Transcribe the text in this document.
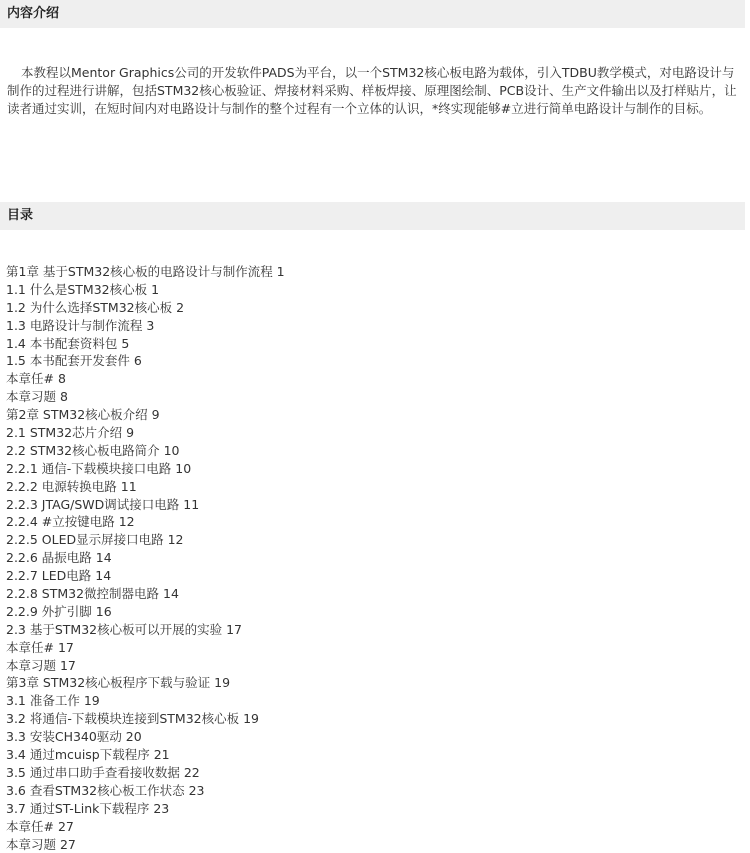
内容介绍

本教程以Mentor Graphics公司的开发软件PADS为平台，以一个STM32核心板电路为载体，引入TDBU教学模式，对电路设计与制作的过程进行讲解，包括STM32核心板验证、焊接材料采购、样板焊接、原理图绘制、PCB设计、生产文件输出以及打样贴片，让读者通过实训，在短时间内对电路设计与制作的整个过程有一个立体的认识，*终实现能够#立进行简单电路设计与制作的目标。

目录
第1章 基于STM32核心板的电路设计与制作流程 1
1.1 什么是STM32核心板 1
1.2 为什么选择STM32核心板 2
1.3 电路设计与制作流程 3
1.4 本书配套资料包 5
1.5 本书配套开发套件 6
本章任# 8
本章习题 8
第2章 STM32核心板介绍 9
2.1 STM32芯片介绍 9
2.2 STM32核心板电路简介 10
2.2.1 通信-下载模块接口电路 10
2.2.2 电源转换电路 11
2.2.3 JTAG/SWD调试接口电路 11
2.2.4 #立按键电路 12
2.2.5 OLED显示屏接口电路 12
2.2.6 晶振电路 14
2.2.7 LED电路 14
2.2.8 STM32微控制器电路 14
2.2.9 外扩引脚 16
2.3 基于STM32核心板可以开展的实验 17
本章任# 17
本章习题 17
第3章 STM32核心板程序下载与验证 19
3.1 准备工作 19
3.2 将通信-下载模块连接到STM32核心板 19
3.3 安装CH340驱动 20
3.4 通过mcuisp下载程序 21
3.5 通过串口助手查看接收数据 22
3.6 查看STM32核心板工作状态 23
3.7 通过ST-Link下载程序 23
本章任# 27
本章习题 27
